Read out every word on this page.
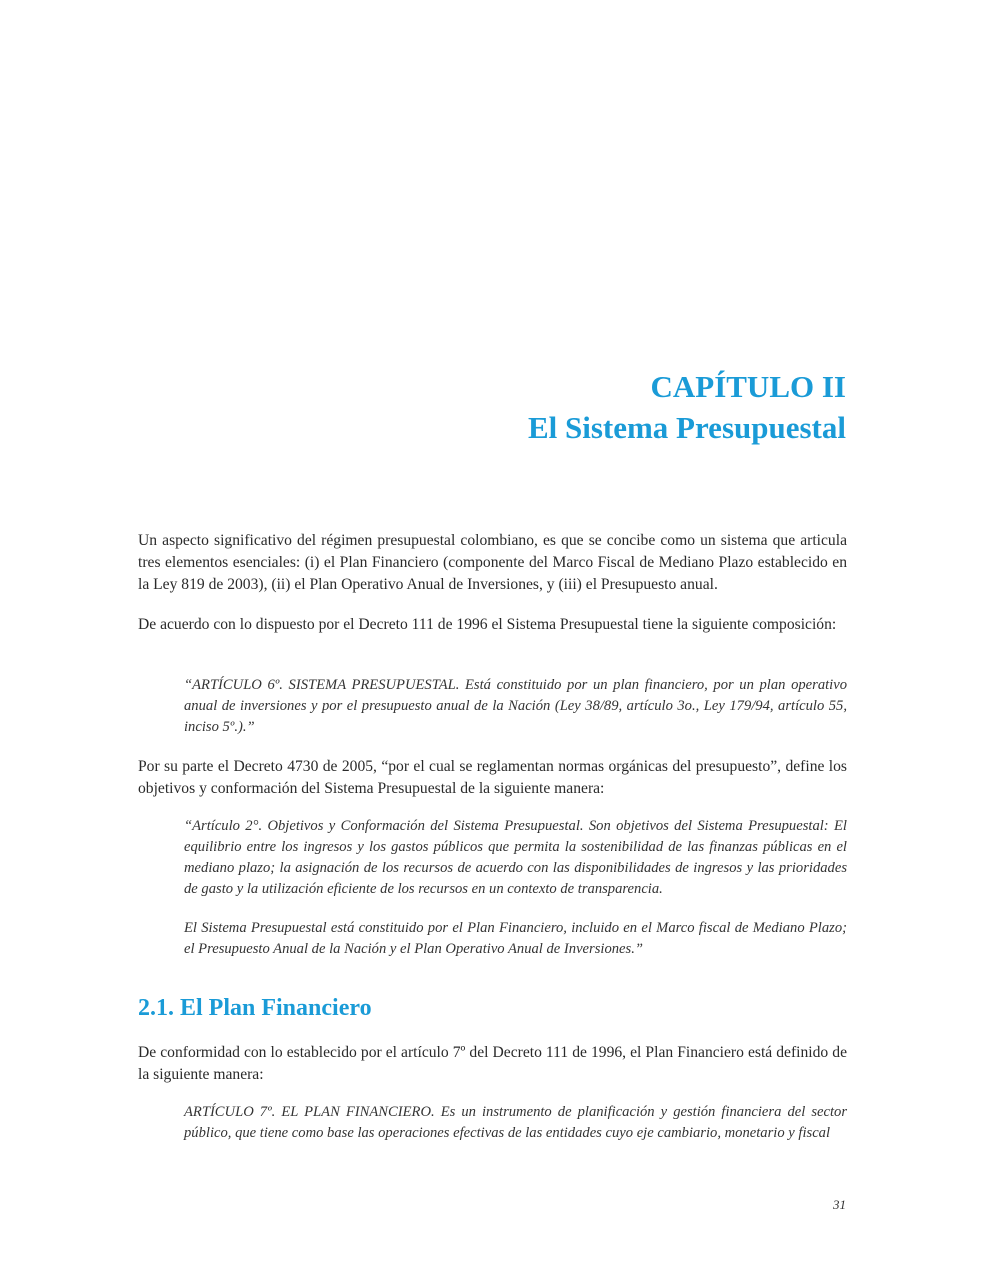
CAPÍTULO II
El Sistema Presupuestal

Un aspecto significativo del régimen presupuestal colombiano, es que se concibe como un sistema que articula tres elementos esenciales: (i) el Plan Financiero (componente del Marco Fiscal de Mediano Plazo establecido en la Ley 819 de 2003), (ii) el Plan Operativo Anual de Inversiones, y (iii) el Presupuesto anual.

De acuerdo con lo dispuesto por el Decreto 111 de 1996 el Sistema Presupuestal tiene la siguiente composición:

“ARTÍCULO 6º. SISTEMA PRESUPUESTAL. Está constituido por un plan financiero, por un plan operativo anual de inversiones y por el presupuesto anual de la Nación (Ley 38/89, artículo 3o., Ley 179/94, artículo 55, inciso 5º.).”

Por su parte el Decreto 4730 de 2005, “por el cual se reglamentan normas orgánicas del presupuesto”, define los objetivos y conformación del Sistema Presupuestal de la siguiente manera:

“Artículo 2°. Objetivos y Conformación del Sistema Presupuestal. Son objetivos del Sistema Presupuestal: El equilibrio entre los ingresos y los gastos públicos que permita la sostenibilidad de las finanzas públicas en el mediano plazo; la asignación de los recursos de acuerdo con las disponibilidades de ingresos y las prioridades de gasto y la utilización eficiente de los recursos en un contexto de transparencia.

El Sistema Presupuestal está constituido por el Plan Financiero, incluido en el Marco fiscal de Mediano Plazo; el Presupuesto Anual de la Nación y el Plan Operativo Anual de Inversiones.”

2.1. El Plan Financiero

De conformidad con lo establecido por el artículo 7º del Decreto 111 de 1996, el Plan Financiero está definido de la siguiente manera:

ARTÍCULO 7º. EL PLAN FINANCIERO. Es un instrumento de planificación y gestión financiera del sector público, que tiene como base las operaciones efectivas de las entidades cuyo eje cambiario, monetario y fiscal

31
